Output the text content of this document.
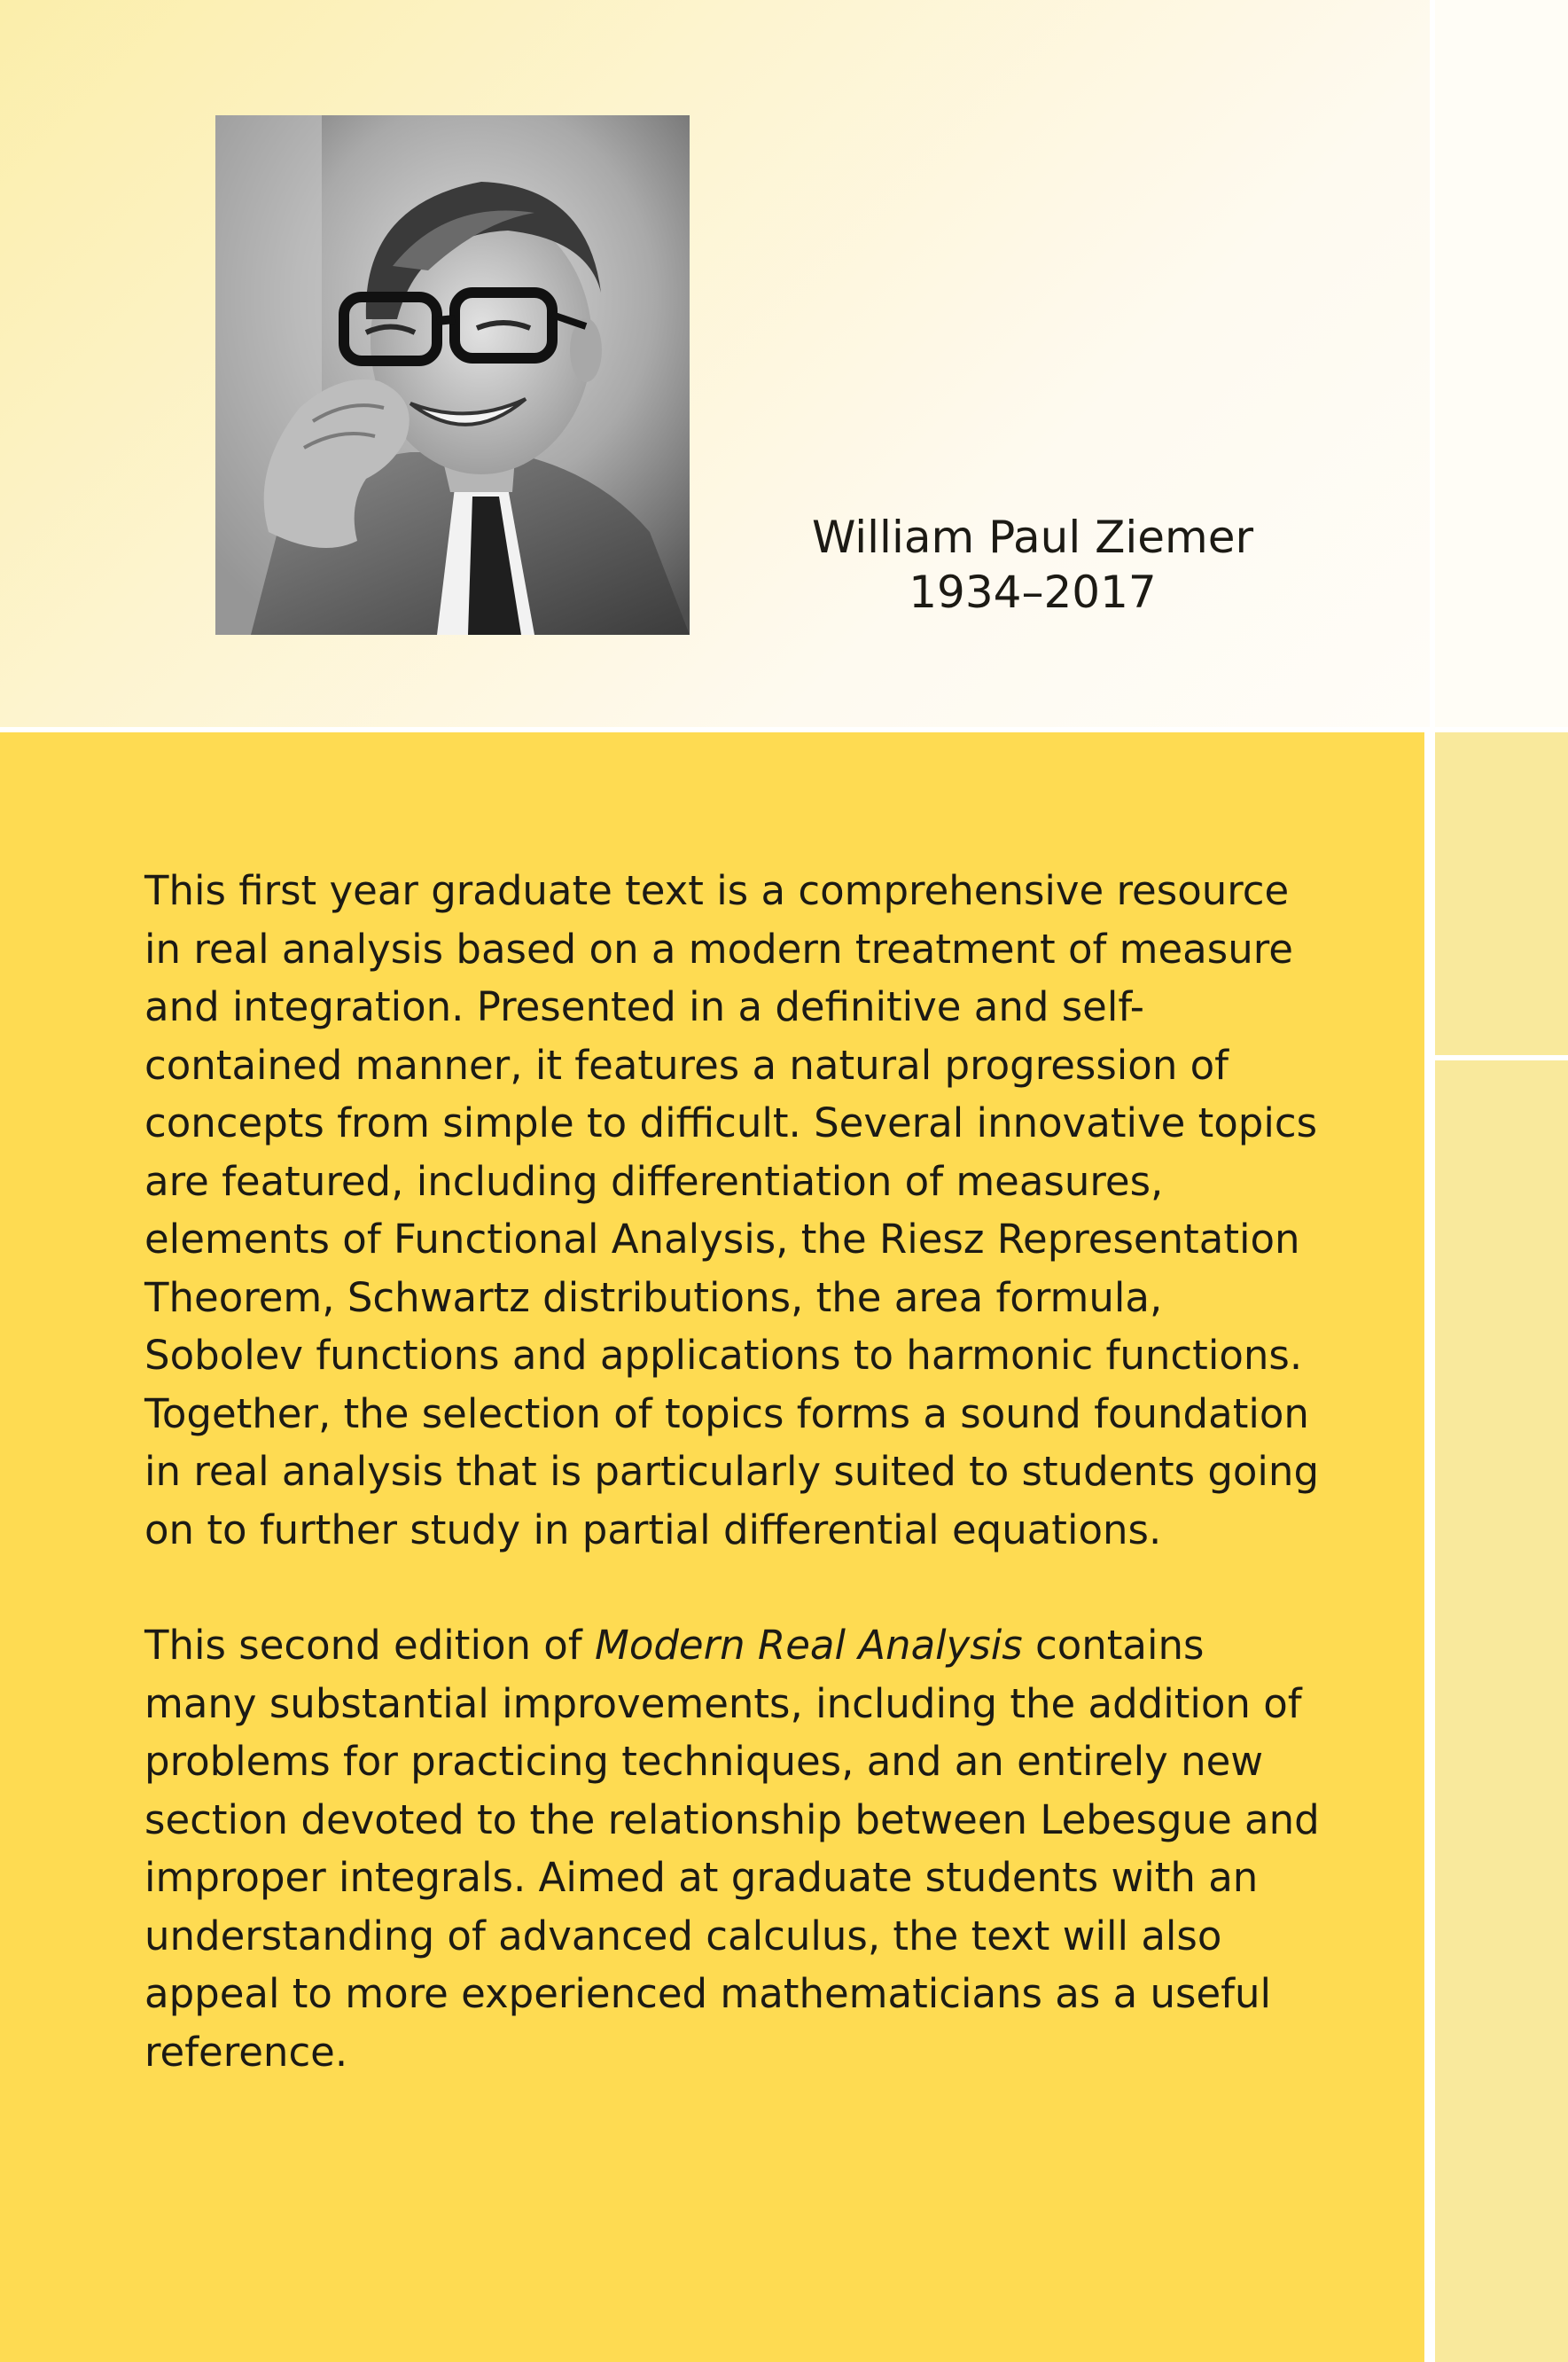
William Paul Ziemer
1934–2017

This first year graduate text is a comprehensive resource in real analysis based on a modern treatment of measure and integration. Presented in a definitive and self-contained manner, it features a natural progression of concepts from simple to difficult. Several innovative topics are featured, including differentiation of measures, elements of Functional Analysis, the Riesz Representation Theorem, Schwartz distributions, the area formula, Sobolev functions and applications to harmonic functions. Together, the selection of topics forms a sound foundation in real analysis that is particularly suited to students going on to further study in partial differential equations.

This second edition of Modern Real Analysis contains many substantial improvements, including the addition of problems for practicing techniques, and an entirely new section devoted to the relationship between Lebesgue and improper integrals. Aimed at graduate students with an understanding of advanced calculus, the text will also appeal to more experienced mathematicians as a useful reference.
